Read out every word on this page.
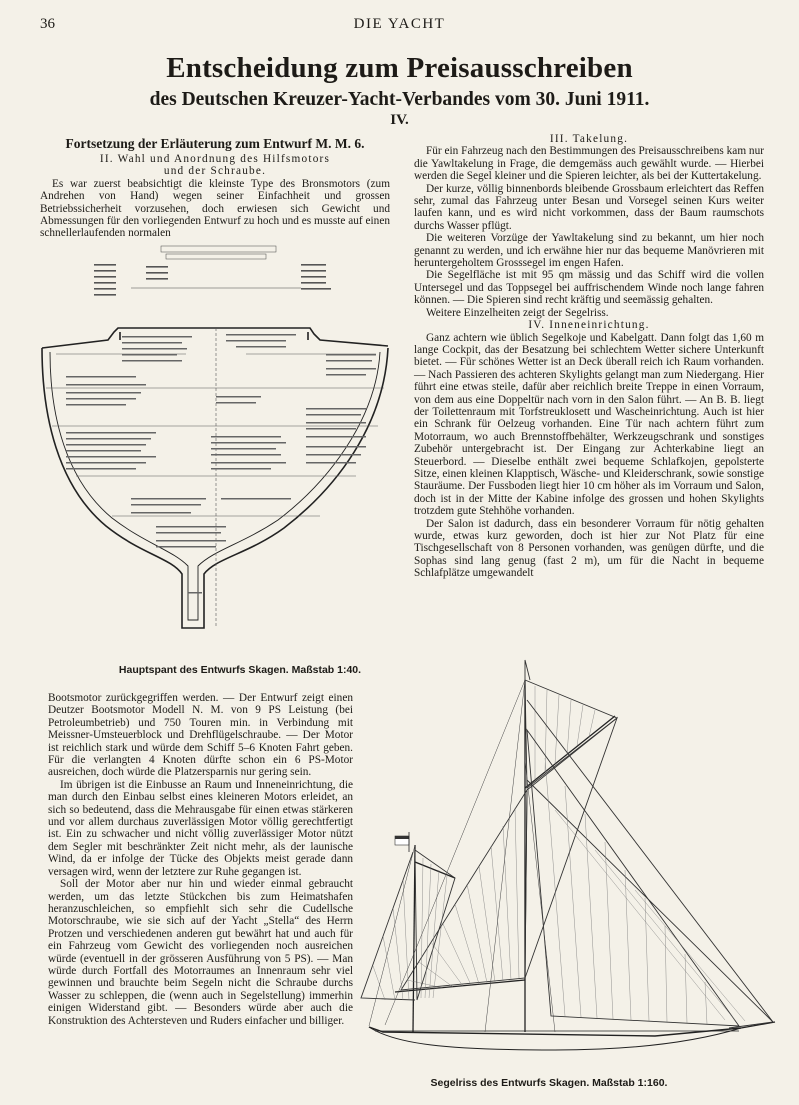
36	DIE YACHT
Entscheidung zum Preisausschreiben
des Deutschen Kreuzer-Yacht-Verbandes vom 30. Juni 1911.
IV.
Fortsetzung der Erläuterung zum Entwurf M. M. 6.

II. Wahl und Anordnung des Hilfsmotors

und der Schraube.

Es war zuerst beabsichtigt die kleinste Type des Bronsmotors (zum Andrehen von Hand) wegen seiner Einfachheit und grossen Betriebssicherheit vorzusehen, doch erwiesen sich Gewicht und Abmessungen für den vorliegenden Entwurf zu hoch und es musste auf einen schnellerlaufenden normalen

Hauptspant des Entwurfs Skagen. Maßstab 1:40.

III. Takelung.

Für ein Fahrzeug nach den Bestimmungen des Preisausschreibens kam nur die Yawltakelung in Frage, die demgemäss auch gewählt wurde. — Hierbei werden die Segel kleiner und die Spieren leichter, als bei der Kuttertakelung.

Der kurze, völlig binnenbords bleibende Grossbaum erleichtert das Reffen sehr, zumal das Fahrzeug unter Besan und Vorsegel seinen Kurs weiter laufen kann, und es wird nicht vorkommen, dass der Baum raumschots durchs Wasser pflügt.

Die weiteren Vorzüge der Yawltakelung sind zu bekannt, um hier noch genannt zu werden, und ich erwähne hier nur das bequeme Manövrieren mit heruntergeholtem Grosssegel im engen Hafen.

Die Segelfläche ist mit 95 qm mässig und das Schiff wird die vollen Untersegel und das Toppsegel bei auffrischendem Winde noch lange fahren können. — Die Spieren sind recht kräftig und seemässig gehalten.

Weitere Einzelheiten zeigt der Segelriss.

IV. Inneneinrichtung.

Ganz achtern wie üblich Segelkoje und Kabelgatt. Dann folgt das 1,60 m lange Cockpit, das der Besatzung bei schlechtem Wetter sichere Unterkunft bietet. — Für schönes Wetter ist an Deck überall reich ich Raum vorhanden. — Nach Passieren des achteren Skylights gelangt man zum Niedergang. Hier führt eine etwas steile, dafür aber reichlich breite Treppe in einen Vorraum, von dem aus eine Doppeltür nach vorn in den Salon führt. — An B. B. liegt der Toilettenraum mit Torfstreuklosett und Wascheinrichtung. Auch ist hier ein Schrank für Oelzeug vorhanden. Eine Tür nach achtern führt zum Motorraum, wo auch Brennstoffbehälter, Werkzeugschrank und sonstiges Zubehör untergebracht ist. Der Eingang zur Achterkabine liegt an Steuerbord. — Dieselbe enthält zwei bequeme Schlafkojen, gepolsterte Sitze, einen kleinen Klapptisch, Wäsche- und Kleiderschrank, sowie sonstige Stauräume. Der Fussboden liegt hier 10 cm höher als im Vorraum und Salon, doch ist in der Mitte der Kabine infolge des grossen und hohen Skylights trotzdem gute Stehhöhe vorhanden.

Der Salon ist dadurch, dass ein besonderer Vorraum für nötig gehalten wurde, etwas kurz geworden, doch ist hier zur Not Platz für eine Tischgesellschaft von 8 Personen vorhanden, was genügen dürfte, und die Sophas sind lang genug (fast 2 m), um für die Nacht in bequeme Schlafplätze umgewandelt

Bootsmotor zurückgegriffen werden. — Der Entwurf zeigt einen Deutzer Bootsmotor Modell N. M. von 9 PS Leistung (bei Petroleumbetrieb) und 750 Touren min. in Verbindung mit Meissner-Umsteuerblock und Drehflügelschraube. — Der Motor ist reichlich stark und würde dem Schiff 5–6 Knoten Fahrt geben. Für die verlangten 4 Knoten dürfte schon ein 6 PS-Motor ausreichen, doch würde die Platzersparnis nur gering sein.

Im übrigen ist die Einbusse an Raum und Inneneinrichtung, die man durch den Einbau selbst eines kleineren Motors erleidet, an sich so bedeutend, dass die Mehrausgabe für einen etwas stärkeren und vor allem durchaus zuverlässigen Motor völlig gerechtfertigt ist. Ein zu schwacher und nicht völlig zuverlässiger Motor nützt dem Segler mit beschränkter Zeit nicht mehr, als der launische Wind, da er infolge der Tücke des Objekts meist gerade dann versagen wird, wenn der letztere zur Ruhe gegangen ist.

Soll der Motor aber nur hin und wieder einmal gebraucht werden, um das letzte Stückchen bis zum Heimatshafen heranzuschleichen, so empfiehlt sich sehr die Cudellsche Motorschraube, wie sie sich auf der Yacht „Stella“ des Herrn Protzen und verschiedenen anderen gut bewährt hat und auch für ein Fahrzeug vom Gewicht des vorliegenden noch ausreichen würde (eventuell in der grösseren Ausführung von 5 PS). — Man würde durch Fortfall des Motorraumes an Innenraum sehr viel gewinnen und brauchte beim Segeln nicht die Schraube durchs Wasser zu schleppen, die (wenn auch in Segelstellung) immerhin einigen Widerstand gibt. — Besonders würde aber auch die Konstruktion des Achtersteven und Ruders einfacher und billiger.

Segelriss des Entwurfs Skagen. Maßstab 1:160.
